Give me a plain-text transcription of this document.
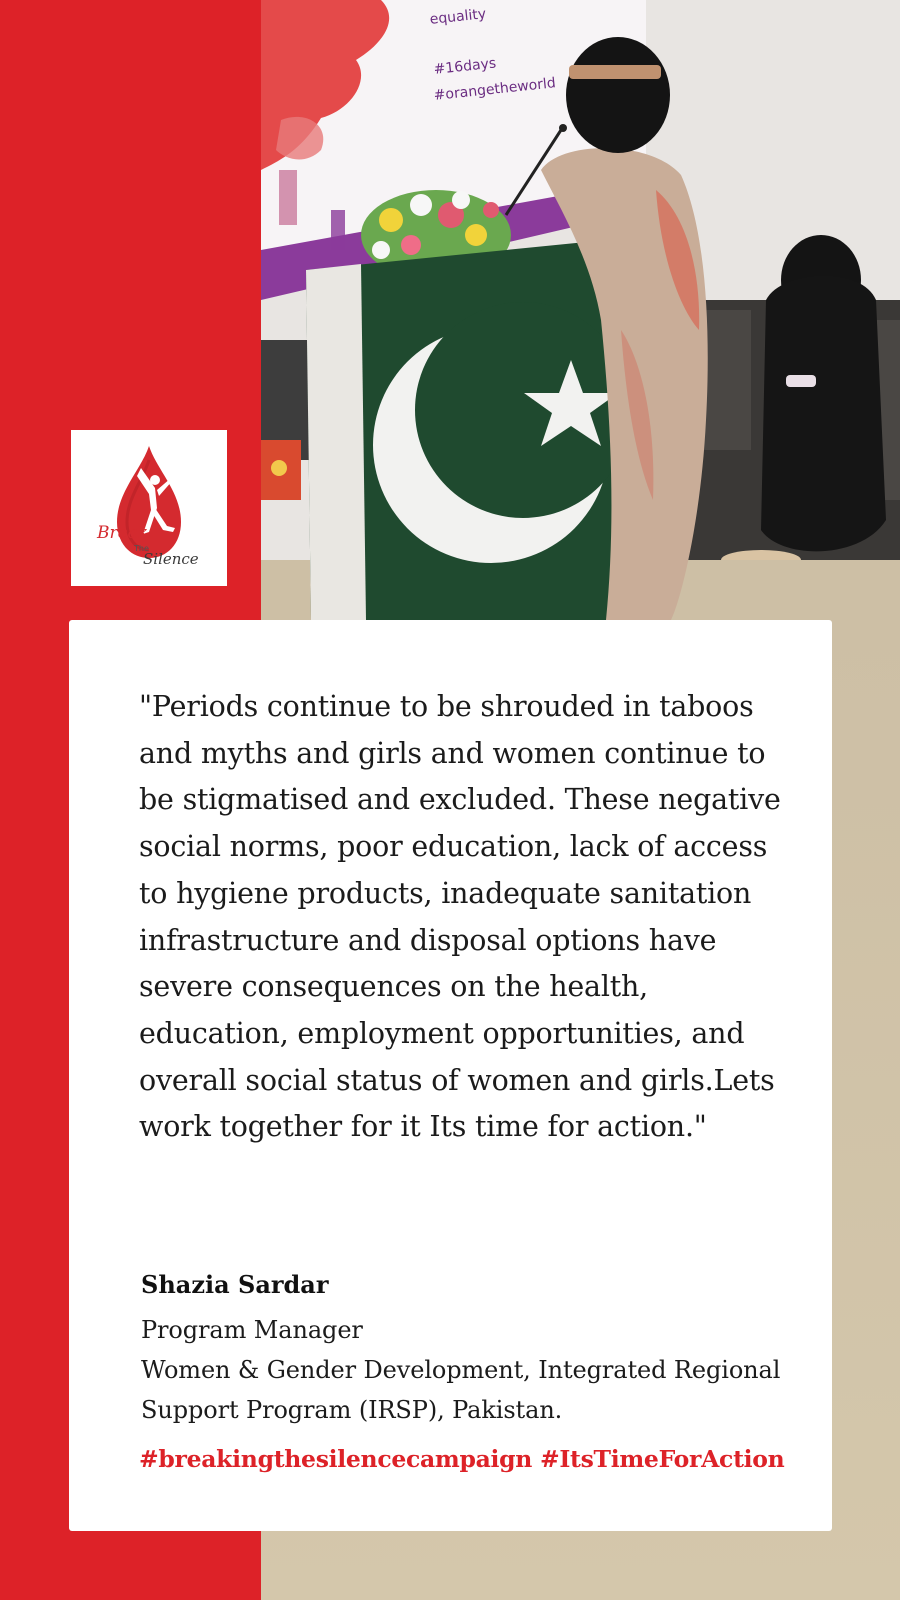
equality
#16days
#orangetheworld
Break
The
Silence

"Periods continue to be shrouded in taboos and myths and girls and women continue to be stigmatised and excluded. These negative social norms, poor education, lack of access to hygiene products, inadequate sanitation infrastructure and disposal options have severe consequences on the health, education, employment opportunities, and overall social status of women and girls.Lets work together for it Its time for action."

Shazia Sardar

Program Manager

Women & Gender Development, Integrated Regional

Support Program (IRSP), Pakistan.

#breakingthesilencecampaign #ItsTimeForAction
